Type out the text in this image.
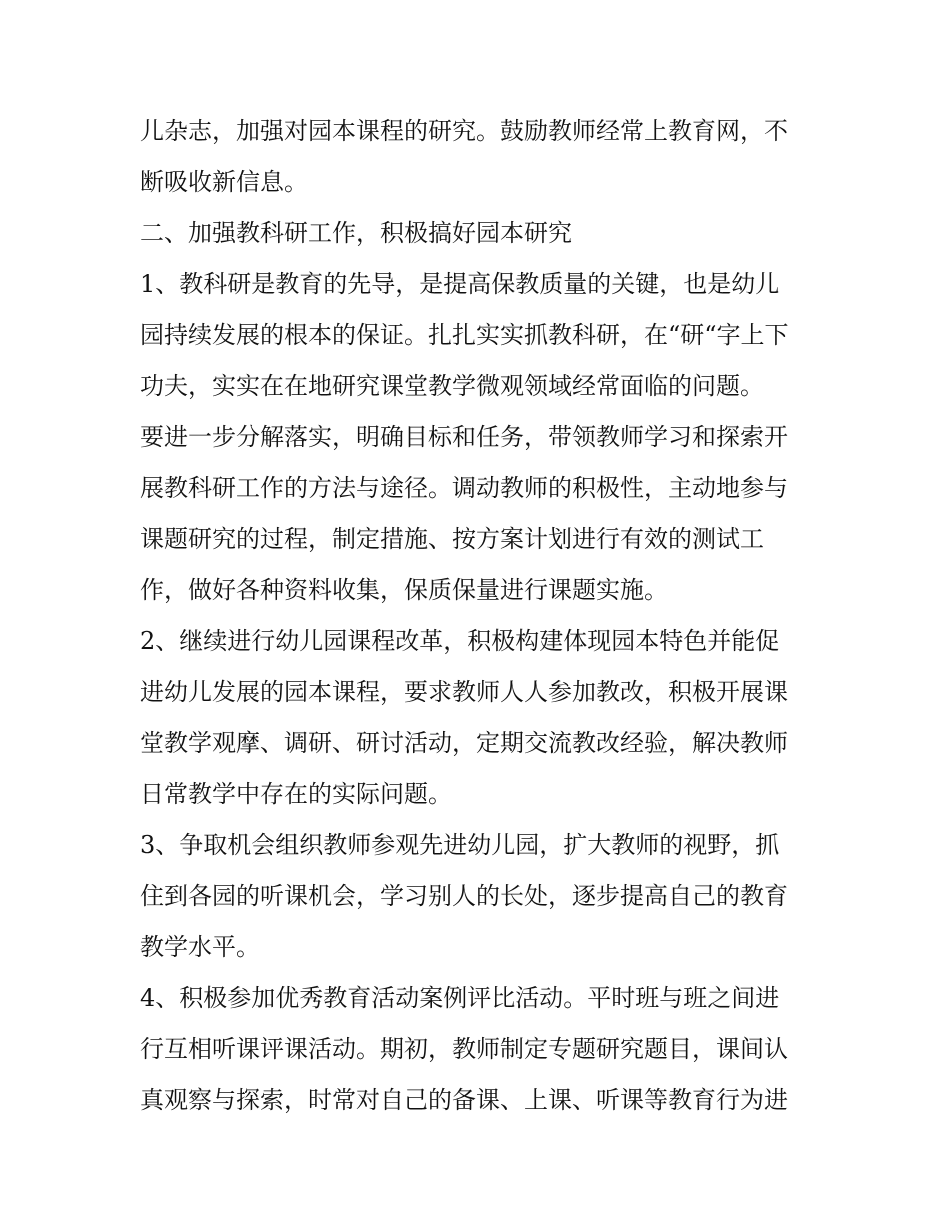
儿杂志，加强对园本课程的研究。鼓励教师经常上教育网，不
断吸收新信息。
二、加强教科研工作，积极搞好园本研究
1、教科研是教育的先导，是提高保教质量的关键，也是幼儿
园持续发展的根本的保证。扎扎实实抓教科研，在“研“字上下
功夫，实实在在地研究课堂教学微观领域经常面临的问题。
要进一步分解落实，明确目标和任务，带领教师学习和探索开
展教科研工作的方法与途径。调动教师的积极性，主动地参与
课题研究的过程，制定措施、按方案计划进行有效的测试工
作，做好各种资料收集，保质保量进行课题实施。
2、继续进行幼儿园课程改革，积极构建体现园本特色并能促
进幼儿发展的园本课程，要求教师人人参加教改，积极开展课
堂教学观摩、调研、研讨活动，定期交流教改经验，解决教师
日常教学中存在的实际问题。
3、争取机会组织教师参观先进幼儿园，扩大教师的视野，抓
住到各园的听课机会，学习别人的长处，逐步提高自己的教育
教学水平。
4、积极参加优秀教育活动案例评比活动。平时班与班之间进
行互相听课评课活动。期初，教师制定专题研究题目，课间认
真观察与探索，时常对自己的备课、上课、听课等教育行为进
